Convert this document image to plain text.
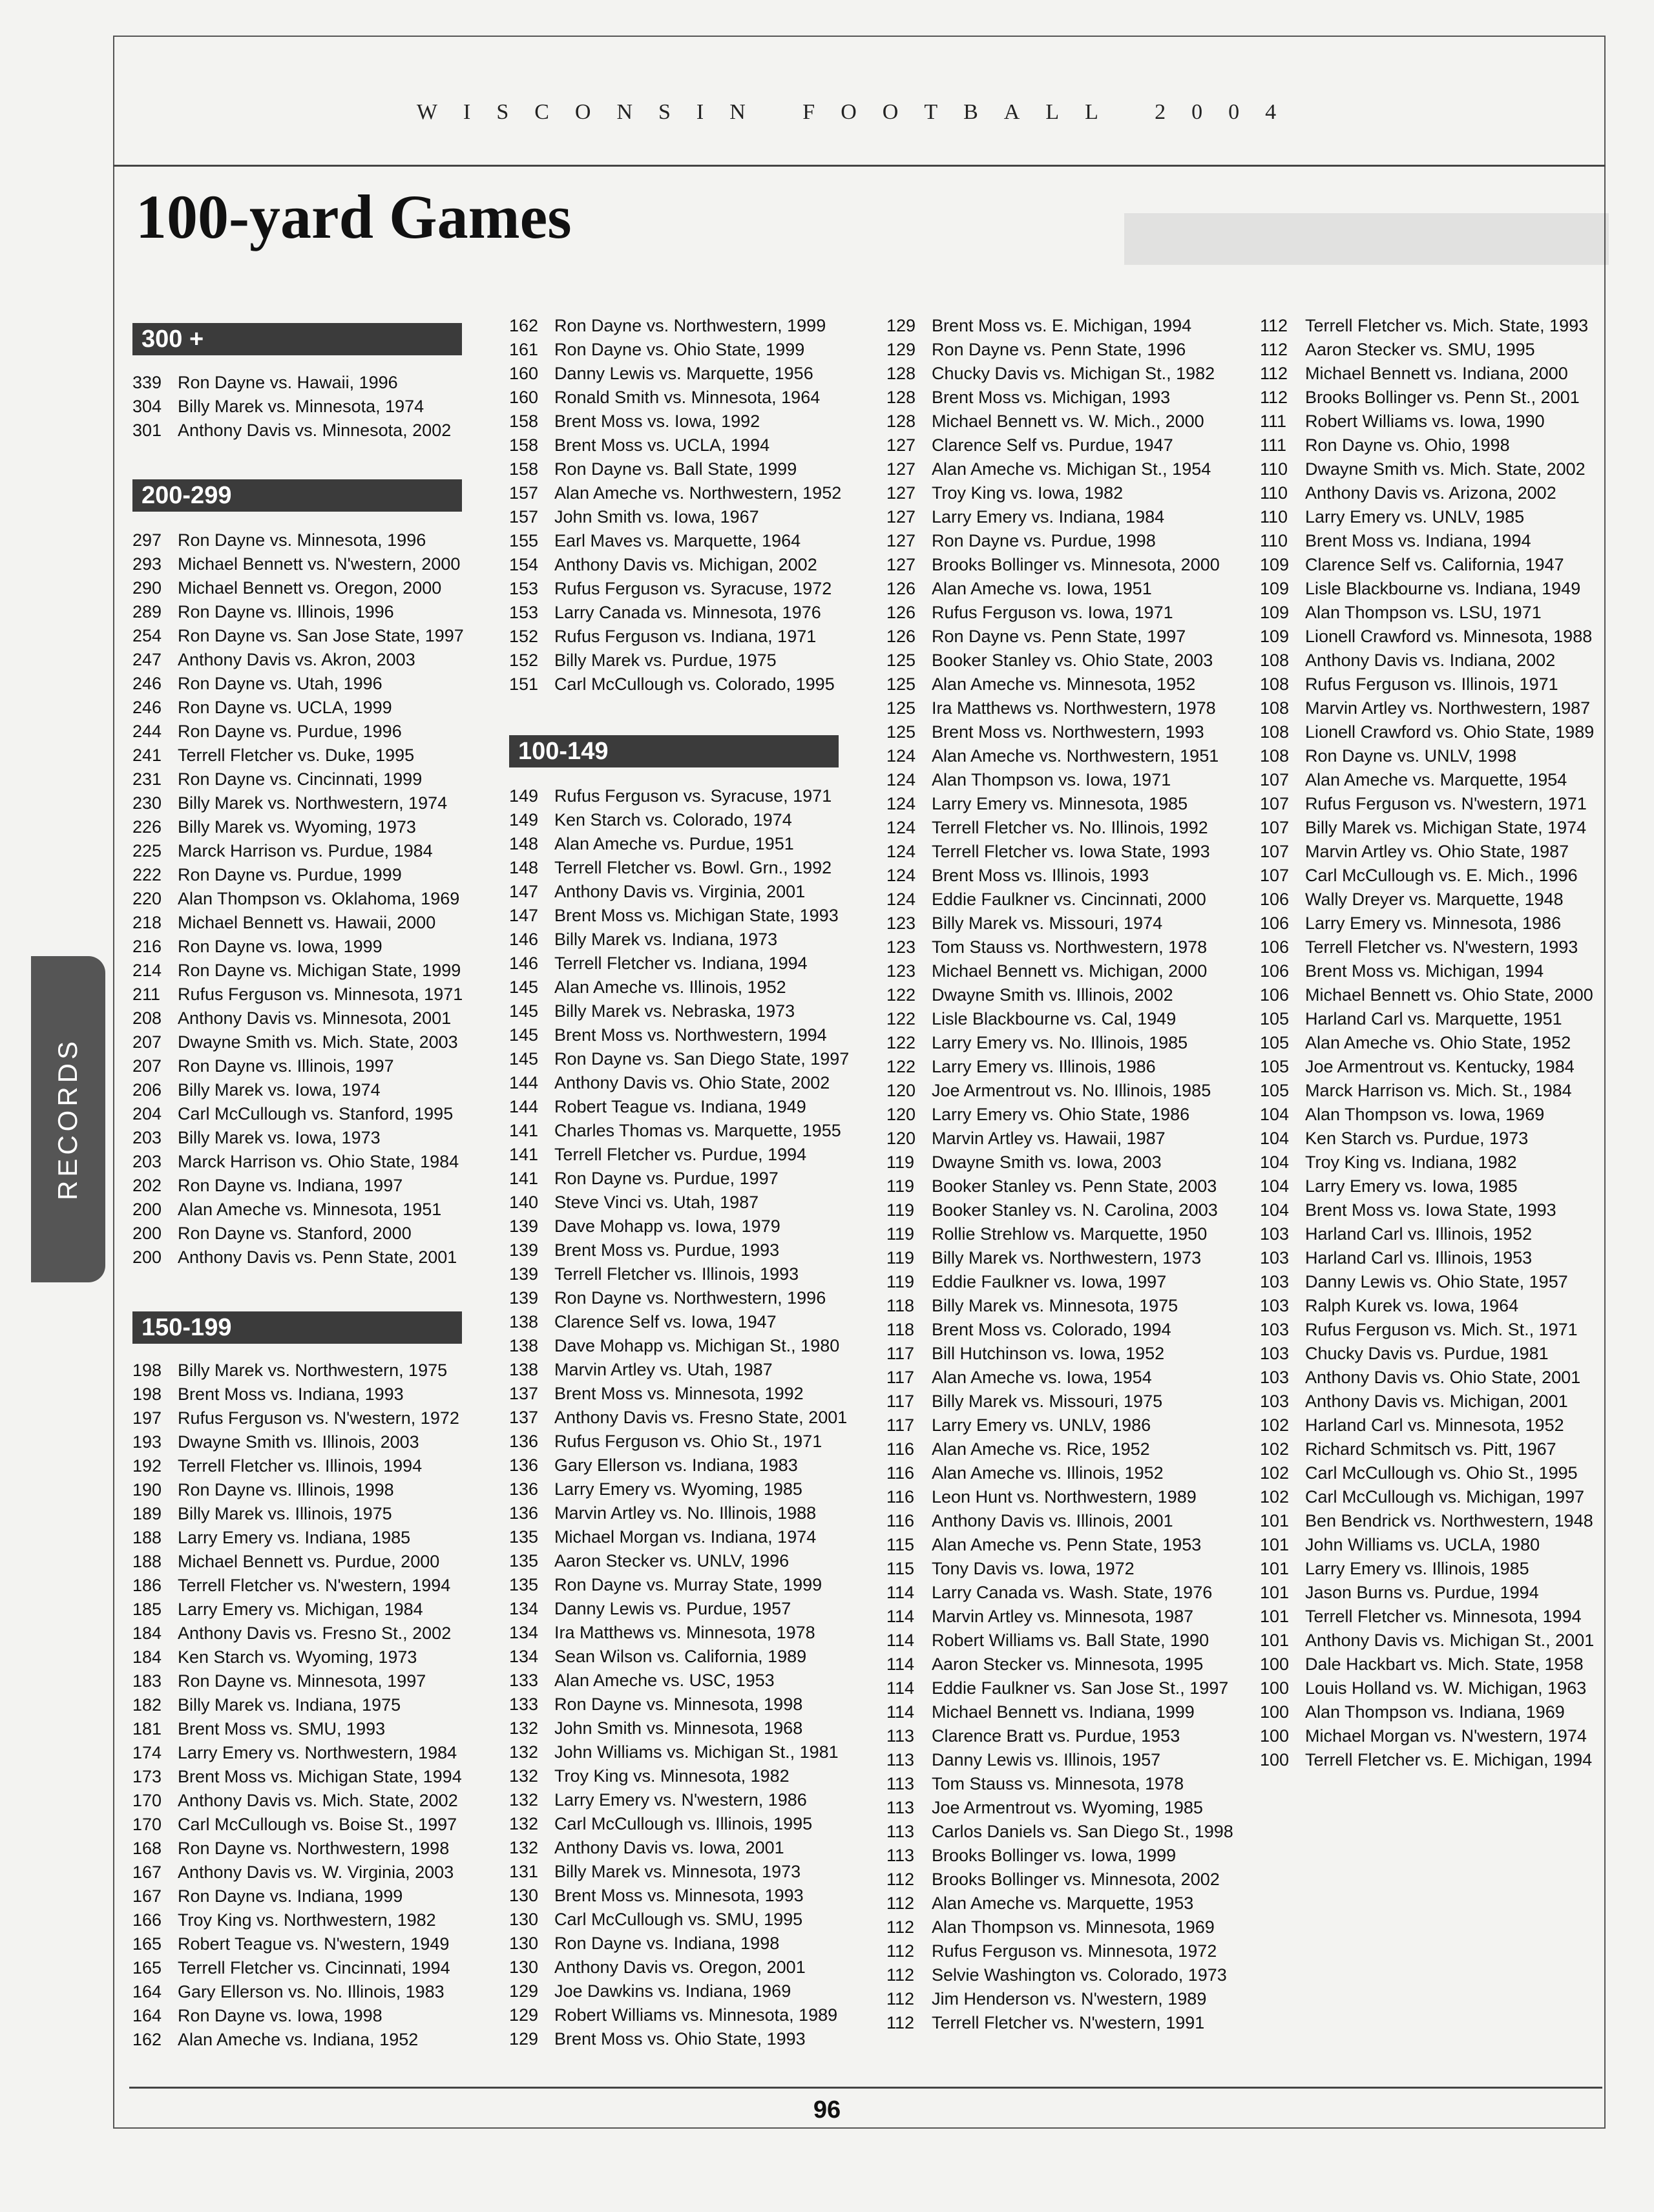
WISCONSIN FOOTBALL 2004
100-yard Games
RECORDS
300 +
339 Ron Dayne vs. Hawaii, 1996
304 Billy Marek vs. Minnesota, 1974
301 Anthony Davis vs. Minnesota, 2002
200-299
297 Ron Dayne vs. Minnesota, 1996
293 Michael Bennett vs. N'western, 2000
290 Michael Bennett vs. Oregon, 2000
289 Ron Dayne vs. Illinois, 1996
254 Ron Dayne vs. San Jose State, 1997
247 Anthony Davis vs. Akron, 2003
246 Ron Dayne vs. Utah, 1996
246 Ron Dayne vs. UCLA, 1999
244 Ron Dayne vs. Purdue, 1996
241 Terrell Fletcher vs. Duke, 1995
231 Ron Dayne vs. Cincinnati, 1999
230 Billy Marek vs. Northwestern, 1974
226 Billy Marek vs. Wyoming, 1973
225 Marck Harrison vs. Purdue, 1984
222 Ron Dayne vs. Purdue, 1999
220 Alan Thompson vs. Oklahoma, 1969
218 Michael Bennett vs. Hawaii, 2000
216 Ron Dayne vs. Iowa, 1999
214 Ron Dayne vs. Michigan State, 1999
211 Rufus Ferguson vs. Minnesota, 1971
208 Anthony Davis vs. Minnesota, 2001
207 Dwayne Smith vs. Mich. State, 2003
207 Ron Dayne vs. Illinois, 1997
206 Billy Marek vs. Iowa, 1974
204 Carl McCullough vs. Stanford, 1995
203 Billy Marek vs. Iowa, 1973
203 Marck Harrison vs. Ohio State, 1984
202 Ron Dayne vs. Indiana, 1997
200 Alan Ameche vs. Minnesota, 1951
200 Ron Dayne vs. Stanford, 2000
200 Anthony Davis vs. Penn State, 2001
150-199
198 Billy Marek vs. Northwestern, 1975
198 Brent Moss vs. Indiana, 1993
197 Rufus Ferguson vs. N'western, 1972
193 Dwayne Smith vs. Illinois, 2003
192 Terrell Fletcher vs. Illinois, 1994
190 Ron Dayne vs. Illinois, 1998
189 Billy Marek vs. Illinois, 1975
188 Larry Emery vs. Indiana, 1985
188 Michael Bennett vs. Purdue, 2000
186 Terrell Fletcher vs. N'western, 1994
185 Larry Emery vs. Michigan, 1984
184 Anthony Davis vs. Fresno St., 2002
184 Ken Starch vs. Wyoming, 1973
183 Ron Dayne vs. Minnesota, 1997
182 Billy Marek vs. Indiana, 1975
181 Brent Moss vs. SMU, 1993
174 Larry Emery vs. Northwestern, 1984
173 Brent Moss vs. Michigan State, 1994
170 Anthony Davis vs. Mich. State, 2002
170 Carl McCullough vs. Boise St., 1997
168 Ron Dayne vs. Northwestern, 1998
167 Anthony Davis vs. W. Virginia, 2003
167 Ron Dayne vs. Indiana, 1999
166 Troy King vs. Northwestern, 1982
165 Robert Teague vs. N'western, 1949
165 Terrell Fletcher vs. Cincinnati, 1994
164 Gary Ellerson vs. No. Illinois, 1983
164 Ron Dayne vs. Iowa, 1998
162 Alan Ameche vs. Indiana, 1952
162 Ron Dayne vs. Northwestern, 1999
161 Ron Dayne vs. Ohio State, 1999
160 Danny Lewis vs. Marquette, 1956
160 Ronald Smith vs. Minnesota, 1964
158 Brent Moss vs. Iowa, 1992
158 Brent Moss vs. UCLA, 1994
158 Ron Dayne vs. Ball State, 1999
157 Alan Ameche vs. Northwestern, 1952
157 John Smith vs. Iowa, 1967
155 Earl Maves vs. Marquette, 1964
154 Anthony Davis vs. Michigan, 2002
153 Rufus Ferguson vs. Syracuse, 1972
153 Larry Canada vs. Minnesota, 1976
152 Rufus Ferguson vs. Indiana, 1971
152 Billy Marek vs. Purdue, 1975
151 Carl McCullough vs. Colorado, 1995
100-149
149 Rufus Ferguson vs. Syracuse, 1971
149 Ken Starch vs. Colorado, 1974
148 Alan Ameche vs. Purdue, 1951
148 Terrell Fletcher vs. Bowl. Grn., 1992
147 Anthony Davis vs. Virginia, 2001
147 Brent Moss vs. Michigan State, 1993
146 Billy Marek vs. Indiana, 1973
146 Terrell Fletcher vs. Indiana, 1994
145 Alan Ameche vs. Illinois, 1952
145 Billy Marek vs. Nebraska, 1973
145 Brent Moss vs. Northwestern, 1994
145 Ron Dayne vs. San Diego State, 1997
144 Anthony Davis vs. Ohio State, 2002
144 Robert Teague vs. Indiana, 1949
141 Charles Thomas vs. Marquette, 1955
141 Terrell Fletcher vs. Purdue, 1994
141 Ron Dayne vs. Purdue, 1997
140 Steve Vinci vs. Utah, 1987
139 Dave Mohapp vs. Iowa, 1979
139 Brent Moss vs. Purdue, 1993
139 Terrell Fletcher vs. Illinois, 1993
139 Ron Dayne vs. Northwestern, 1996
138 Clarence Self vs. Iowa, 1947
138 Dave Mohapp vs. Michigan St., 1980
138 Marvin Artley vs. Utah, 1987
137 Brent Moss vs. Minnesota, 1992
137 Anthony Davis vs. Fresno State, 2001
136 Rufus Ferguson vs. Ohio St., 1971
136 Gary Ellerson vs. Indiana, 1983
136 Larry Emery vs. Wyoming, 1985
136 Marvin Artley vs. No. Illinois, 1988
135 Michael Morgan vs. Indiana, 1974
135 Aaron Stecker vs. UNLV, 1996
135 Ron Dayne vs. Murray State, 1999
134 Danny Lewis vs. Purdue, 1957
134 Ira Matthews vs. Minnesota, 1978
134 Sean Wilson vs. California, 1989
133 Alan Ameche vs. USC, 1953
133 Ron Dayne vs. Minnesota, 1998
132 John Smith vs. Minnesota, 1968
132 John Williams vs. Michigan St., 1981
132 Troy King vs. Minnesota, 1982
132 Larry Emery vs. N'western, 1986
132 Carl McCullough vs. Illinois, 1995
132 Anthony Davis vs. Iowa, 2001
131 Billy Marek vs. Minnesota, 1973
130 Brent Moss vs. Minnesota, 1993
130 Carl McCullough vs. SMU, 1995
130 Ron Dayne vs. Indiana, 1998
130 Anthony Davis vs. Oregon, 2001
129 Joe Dawkins vs. Indiana, 1969
129 Robert Williams vs. Minnesota, 1989
129 Brent Moss vs. Ohio State, 1993
129 Brent Moss vs. E. Michigan, 1994
129 Ron Dayne vs. Penn State, 1996
128 Chucky Davis vs. Michigan St., 1982
128 Brent Moss vs. Michigan, 1993
128 Michael Bennett vs. W. Mich., 2000
127 Clarence Self vs. Purdue, 1947
127 Alan Ameche vs. Michigan St., 1954
127 Troy King vs. Iowa, 1982
127 Larry Emery vs. Indiana, 1984
127 Ron Dayne vs. Purdue, 1998
127 Brooks Bollinger vs. Minnesota, 2000
126 Alan Ameche vs. Iowa, 1951
126 Rufus Ferguson vs. Iowa, 1971
126 Ron Dayne vs. Penn State, 1997
125 Booker Stanley vs. Ohio State, 2003
125 Alan Ameche vs. Minnesota, 1952
125 Ira Matthews vs. Northwestern, 1978
125 Brent Moss vs. Northwestern, 1993
124 Alan Ameche vs. Northwestern, 1951
124 Alan Thompson vs. Iowa, 1971
124 Larry Emery vs. Minnesota, 1985
124 Terrell Fletcher vs. No. Illinois, 1992
124 Terrell Fletcher vs. Iowa State, 1993
124 Brent Moss vs. Illinois, 1993
124 Eddie Faulkner vs. Cincinnati, 2000
123 Billy Marek vs. Missouri, 1974
123 Tom Stauss vs. Northwestern, 1978
123 Michael Bennett vs. Michigan, 2000
122 Dwayne Smith vs. Illinois, 2002
122 Lisle Blackbourne vs. Cal, 1949
122 Larry Emery vs. No. Illinois, 1985
122 Larry Emery vs. Illinois, 1986
120 Joe Armentrout vs. No. Illinois, 1985
120 Larry Emery vs. Ohio State, 1986
120 Marvin Artley vs. Hawaii, 1987
119 Dwayne Smith vs. Iowa, 2003
119 Booker Stanley vs. Penn State, 2003
119 Booker Stanley vs. N. Carolina, 2003
119 Rollie Strehlow vs. Marquette, 1950
119 Billy Marek vs. Northwestern, 1973
119 Eddie Faulkner vs. Iowa, 1997
118 Billy Marek vs. Minnesota, 1975
118 Brent Moss vs. Colorado, 1994
117 Bill Hutchinson vs. Iowa, 1952
117 Alan Ameche vs. Iowa, 1954
117 Billy Marek vs. Missouri, 1975
117 Larry Emery vs. UNLV, 1986
116 Alan Ameche vs. Rice, 1952
116 Alan Ameche vs. Illinois, 1952
116 Leon Hunt vs. Northwestern, 1989
116 Anthony Davis vs. Illinois, 2001
115 Alan Ameche vs. Penn State, 1953
115 Tony Davis vs. Iowa, 1972
114 Larry Canada vs. Wash. State, 1976
114 Marvin Artley vs. Minnesota, 1987
114 Robert Williams vs. Ball State, 1990
114 Aaron Stecker vs. Minnesota, 1995
114 Eddie Faulkner vs. San Jose St., 1997
114 Michael Bennett vs. Indiana, 1999
113 Clarence Bratt vs. Purdue, 1953
113 Danny Lewis vs. Illinois, 1957
113 Tom Stauss vs. Minnesota, 1978
113 Joe Armentrout vs. Wyoming, 1985
113 Carlos Daniels vs. San Diego St., 1998
113 Brooks Bollinger vs. Iowa, 1999
112 Brooks Bollinger vs. Minnesota, 2002
112 Alan Ameche vs. Marquette, 1953
112 Alan Thompson vs. Minnesota, 1969
112 Rufus Ferguson vs. Minnesota, 1972
112 Selvie Washington vs. Colorado, 1973
112 Jim Henderson vs. N'western, 1989
112 Terrell Fletcher vs. N'western, 1991
112 Terrell Fletcher vs. Mich. State, 1993
112 Aaron Stecker vs. SMU, 1995
112 Michael Bennett vs. Indiana, 2000
112 Brooks Bollinger vs. Penn St., 2001
111 Robert Williams vs. Iowa, 1990
111 Ron Dayne vs. Ohio, 1998
110 Dwayne Smith vs. Mich. State, 2002
110 Anthony Davis vs. Arizona, 2002
110 Larry Emery vs. UNLV, 1985
110 Brent Moss vs. Indiana, 1994
109 Clarence Self vs. California, 1947
109 Lisle Blackbourne vs. Indiana, 1949
109 Alan Thompson vs. LSU, 1971
109 Lionell Crawford vs. Minnesota, 1988
108 Anthony Davis vs. Indiana, 2002
108 Rufus Ferguson vs. Illinois, 1971
108 Marvin Artley vs. Northwestern, 1987
108 Lionell Crawford vs. Ohio State, 1989
108 Ron Dayne vs. UNLV, 1998
107 Alan Ameche vs. Marquette, 1954
107 Rufus Ferguson vs. N'western, 1971
107 Billy Marek vs. Michigan State, 1974
107 Marvin Artley vs. Ohio State, 1987
107 Carl McCullough vs. E. Mich., 1996
106 Wally Dreyer vs. Marquette, 1948
106 Larry Emery vs. Minnesota, 1986
106 Terrell Fletcher vs. N'western, 1993
106 Brent Moss vs. Michigan, 1994
106 Michael Bennett vs. Ohio State, 2000
105 Harland Carl vs. Marquette, 1951
105 Alan Ameche vs. Ohio State, 1952
105 Joe Armentrout vs. Kentucky, 1984
105 Marck Harrison vs. Mich. St., 1984
104 Alan Thompson vs. Iowa, 1969
104 Ken Starch vs. Purdue, 1973
104 Troy King vs. Indiana, 1982
104 Larry Emery vs. Iowa, 1985
104 Brent Moss vs. Iowa State, 1993
103 Harland Carl vs. Illinois, 1952
103 Harland Carl vs. Illinois, 1953
103 Danny Lewis vs. Ohio State, 1957
103 Ralph Kurek vs. Iowa, 1964
103 Rufus Ferguson vs. Mich. St., 1971
103 Chucky Davis vs. Purdue, 1981
103 Anthony Davis vs. Ohio State, 2001
103 Anthony Davis vs. Michigan, 2001
102 Harland Carl vs. Minnesota, 1952
102 Richard Schmitsch vs. Pitt, 1967
102 Carl McCullough vs. Ohio St., 1995
102 Carl McCullough vs. Michigan, 1997
101 Ben Bendrick vs. Northwestern, 1948
101 John Williams vs. UCLA, 1980
101 Larry Emery vs. Illinois, 1985
101 Jason Burns vs. Purdue, 1994
101 Terrell Fletcher vs. Minnesota, 1994
101 Anthony Davis vs. Michigan St., 2001
100 Dale Hackbart vs. Mich. State, 1958
100 Louis Holland vs. W. Michigan, 1963
100 Alan Thompson vs. Indiana, 1969
100 Michael Morgan vs. N'western, 1974
100 Terrell Fletcher vs. E. Michigan, 1994
96
